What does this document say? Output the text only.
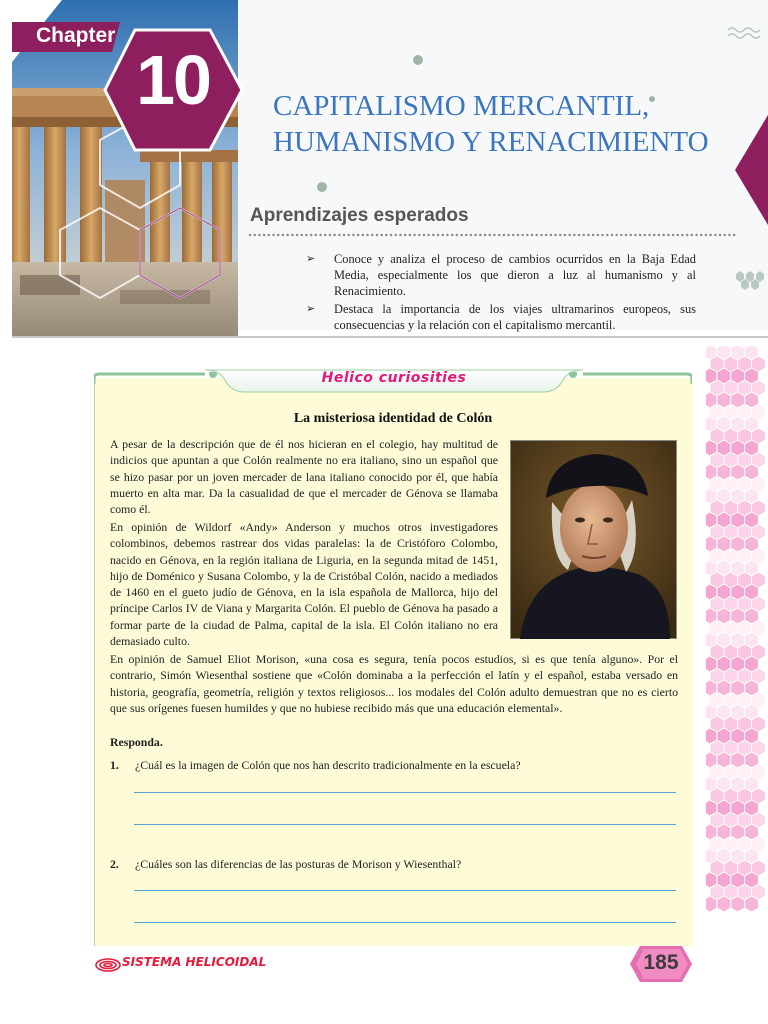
Chapter
10	CAPITALISMO MERCANTIL,
HUMANISMO Y RENACIMIENTO
Aprendizajes esperados
➢ Conoce y analiza el proceso de cambios ocurridos en la Baja Edad Media, especialmente los que dieron a luz al humanismo y al Renacimiento.
➢ Destaca la importancia de los viajes ultramarinos europeos, sus consecuencias y la relación con el capitalismo mercantil.
Helico curiosities
La misteriosa identidad de Colón
A pesar de la descripción que de él nos hicieran en el colegio, hay multitud de indicios que apuntan a que Colón realmente no era italiano, sino un español que se hizo pasar por un joven mercader de lana italiano conocido por él, que había muerto en alta mar. Da la casualidad de que el mercader de Génova se llamaba como él.
En opinión de Wildorf «Andy» Anderson y muchos otros investigadores colombinos, debemos rastrear dos vidas paralelas: la de Cristóforo Colombo, nacido en Génova, en la región italiana de Liguria, en la segunda mitad de 1451, hijo de Doménico y Susana Colombo, y la de Cristóbal Colón, nacido a mediados de 1460 en el gueto judío de Génova, en la isla española de Mallorca, hijo del príncipe Carlos IV de Viana y Margarita Colón. El pueblo de Génova ha pasado a formar parte de la ciudad de Palma, capital de la isla. El Colón italiano no era demasiado culto.
En opinión de Samuel Eliot Morison, «una cosa es segura, tenía pocos estudios, si es que tenía alguno». Por el contrario, Simón Wiesenthal sostiene que «Colón dominaba a la perfección el latín y el español, estaba versado en historia, geografía, geometría, religión y textos religiosos... los modales del Colón adulto demuestran que no es cierto que sus orígenes fuesen humildes y que no hubiese recibido más que una educación elemental».
Responda.
1. ¿Cuál es la imagen de Colón que nos han descrito tradicionalmente en la escuela?
2. ¿Cuáles son las diferencias de las posturas de Morison y Wiesenthal?
SISTEMA HELICOIDAL	185
